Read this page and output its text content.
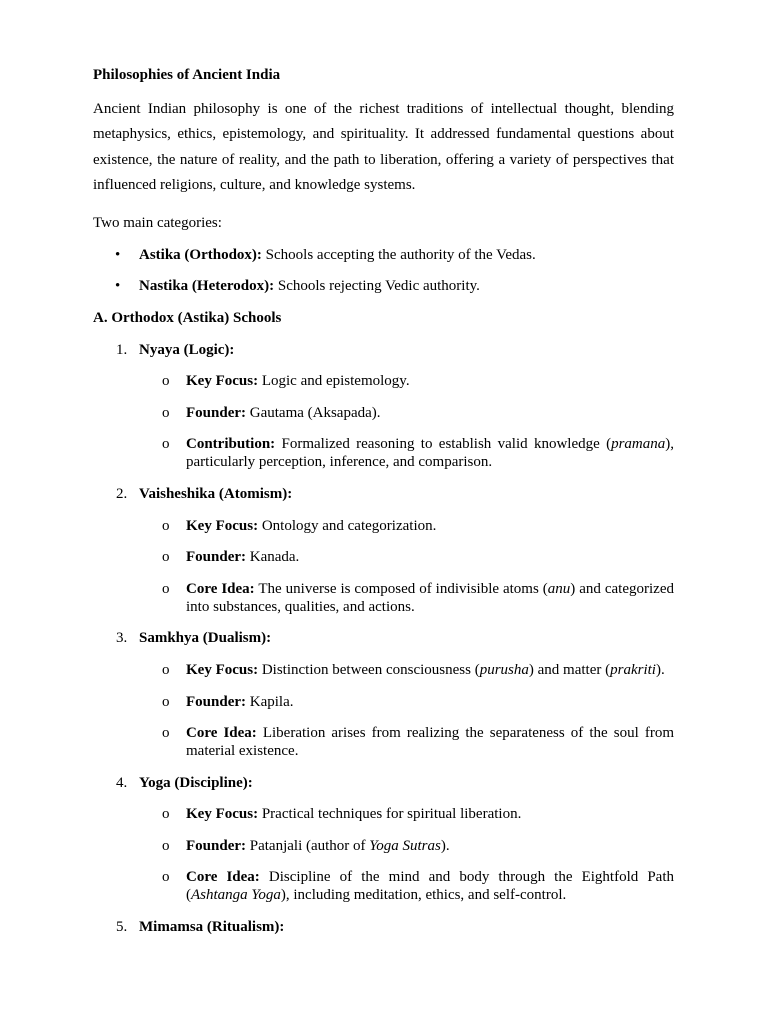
Philosophies of Ancient India

Ancient Indian philosophy is one of the richest traditions of intellectual thought, blending metaphysics, ethics, epistemology, and spirituality. It addressed fundamental questions about existence, the nature of reality, and the path to liberation, offering a variety of perspectives that influenced religions, culture, and knowledge systems.

Two main categories:

• Astika (Orthodox): Schools accepting the authority of the Vedas.
• Nastika (Heterodox): Schools rejecting Vedic authority.

A. Orthodox (Astika) Schools

1. Nyaya (Logic):
o Key Focus: Logic and epistemology.
o Founder: Gautama (Aksapada).
o Contribution: Formalized reasoning to establish valid knowledge (pramana), particularly perception, inference, and comparison.
2. Vaisheshika (Atomism):
o Key Focus: Ontology and categorization.
o Founder: Kanada.
o Core Idea: The universe is composed of indivisible atoms (anu) and categorized into substances, qualities, and actions.
3. Samkhya (Dualism):
o Key Focus: Distinction between consciousness (purusha) and matter (prakriti).
o Founder: Kapila.
o Core Idea: Liberation arises from realizing the separateness of the soul from material existence.
4. Yoga (Discipline):
o Key Focus: Practical techniques for spiritual liberation.
o Founder: Patanjali (author of Yoga Sutras).
o Core Idea: Discipline of the mind and body through the Eightfold Path (Ashtanga Yoga), including meditation, ethics, and self-control.
5. Mimamsa (Ritualism):
